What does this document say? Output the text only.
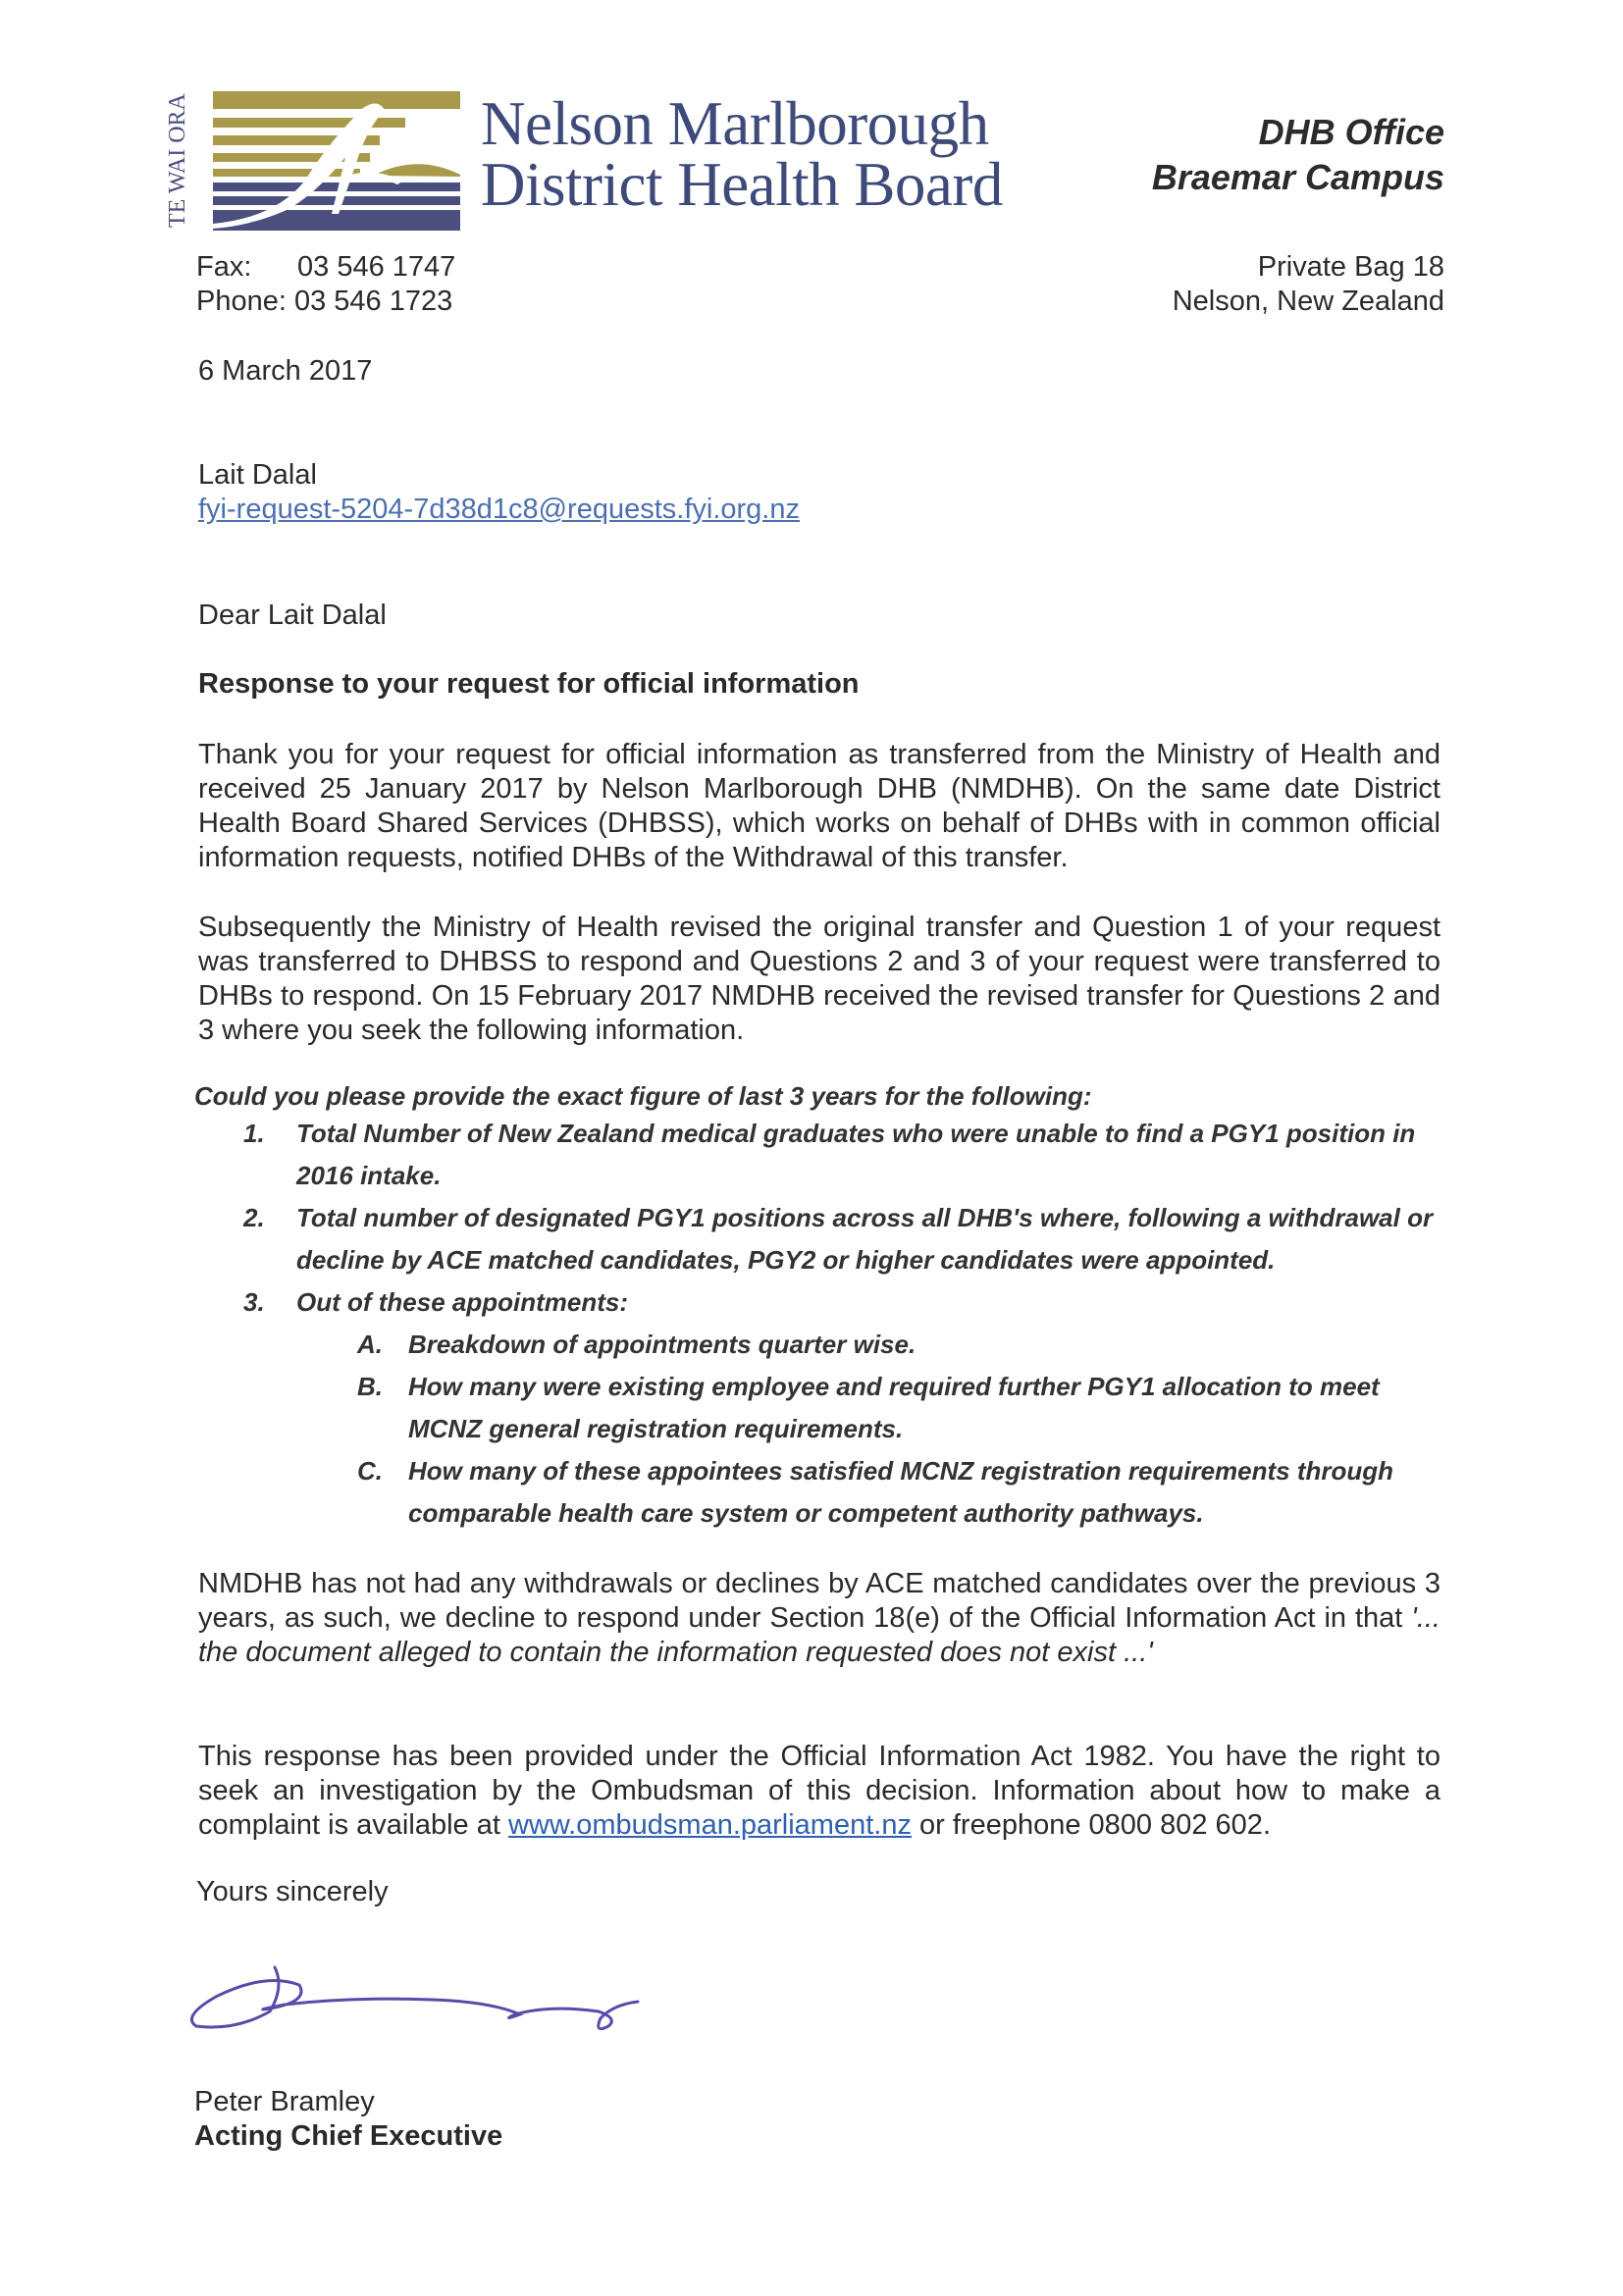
TE WAI ORA	Nelson Marlborough
District Health Board
DHB Office
Braemar Campus
Fax: 03 546 1747
Phone: 03 546 1723
Private Bag 18
Nelson, New Zealand
6 March 2017
Lait Dalal
fyi-request-5204-7d38d1c8@requests.fyi.org.nz
Dear Lait Dalal
Response to your request for official information
Thank you for your request for official information as transferred from the Ministry of Health and received 25 January 2017 by Nelson Marlborough DHB (NMDHB). On the same date District Health Board Shared Services (DHBSS), which works on behalf of DHBs with in common official information requests, notified DHBs of the Withdrawal of this transfer.
Subsequently the Ministry of Health revised the original transfer and Question 1 of your request was transferred to DHBSS to respond and Questions 2 and 3 of your request were transferred to DHBs to respond. On 15 February 2017 NMDHB received the revised transfer for Questions 2 and 3 where you seek the following information.
Could you please provide the exact figure of last 3 years for the following:
1.	Total Number of New Zealand medical graduates who were unable to find a PGY1 position in 2016 intake.
2.	Total number of designated PGY1 positions across all DHB's where, following a withdrawal or decline by ACE matched candidates, PGY2 or higher candidates were appointed.
3.	Out of these appointments:
A.	Breakdown of appointments quarter wise.
B.	How many were existing employee and required further PGY1 allocation to meet MCNZ general registration requirements.
C.	How many of these appointees satisfied MCNZ registration requirements through comparable health care system or competent authority pathways.
NMDHB has not had any withdrawals or declines by ACE matched candidates over the previous 3 years, as such, we decline to respond under Section 18(e) of the Official Information Act in that '... the document alleged to contain the information requested does not exist ...'
This response has been provided under the Official Information Act 1982. You have the right to seek an investigation by the Ombudsman of this decision. Information about how to make a complaint is available at www.ombudsman.parliament.nz or freephone 0800 802 602.
Yours sincerely
Peter Bramley
Acting Chief Executive
